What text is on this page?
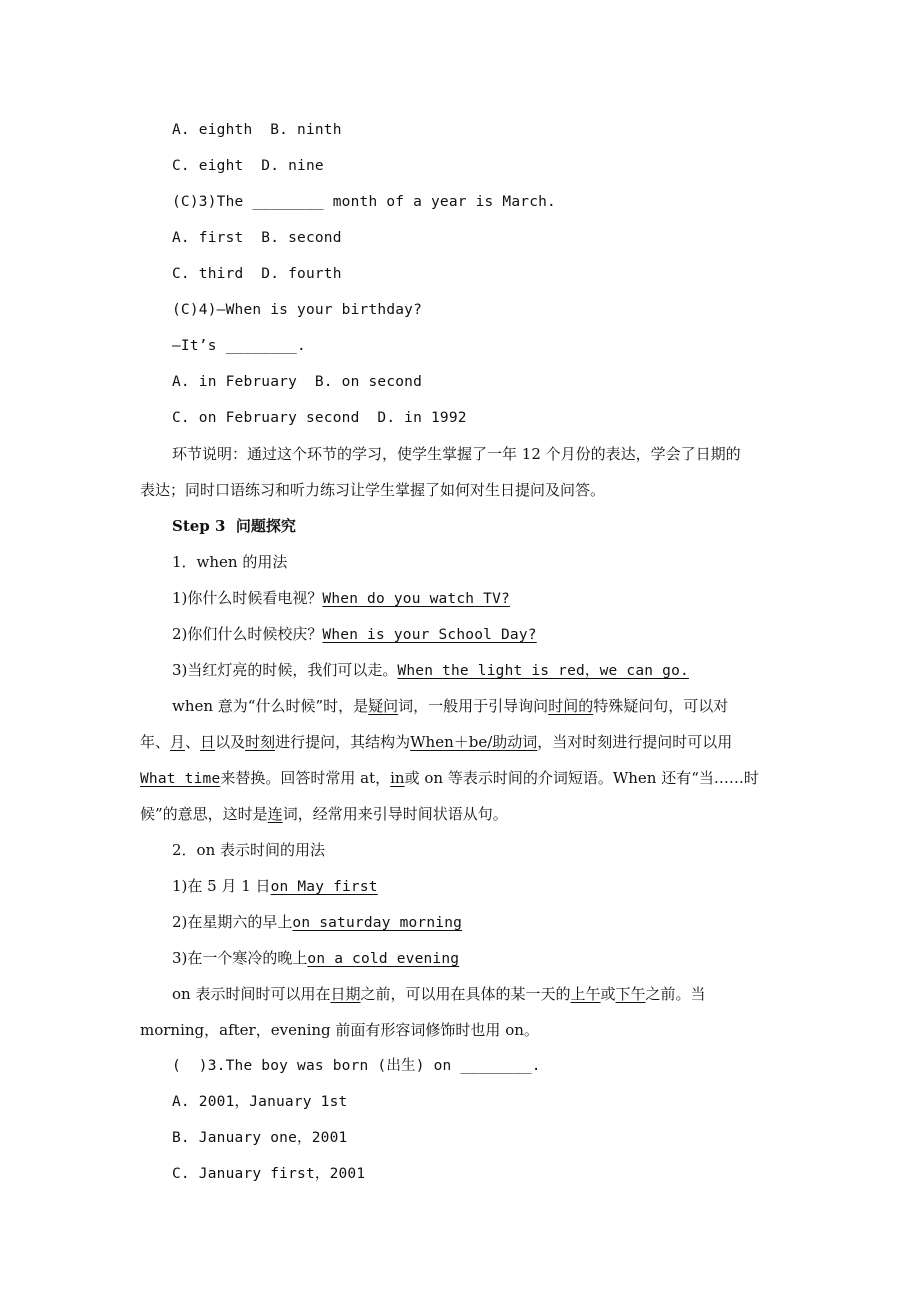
A. eighth  B. ninth
C. eight  D. nine
(C)3)The ________ month of a year is March.
A. first  B. second
C. third  D. fourth
(C)4)—When is your birthday?
—It’s ________.
A. in February  B. on second
C. on February second  D. in 1992
环节说明：通过这个环节的学习，使学生掌握了一年 12 个月份的表达，学会了日期的
表达；同时口语练习和听力练习让学生掌握了如何对生日提问及问答。
Step 3  问题探究
1．when 的用法
1)你什么时候看电视？When do you watch TV?
2)你们什么时候校庆？When is your School Day?
3)当红灯亮的时候，我们可以走。When the light is red，we can go.
when 意为“什么时候”时，是疑问词，一般用于引导询问时间的特殊疑问句，可以对
年、月、日以及时刻进行提问，其结构为When＋be/助动词，当对时刻进行提问时可以用
What time来替换。回答时常用 at，in或 on 等表示时间的介词短语。When 还有“当……时
候”的意思，这时是连词，经常用来引导时间状语从句。
2．on 表示时间的用法
1)在 5 月 1 日on May first
2)在星期六的早上on saturday morning
3)在一个寒冷的晚上on a cold evening
on 表示时间时可以用在日期之前，可以用在具体的某一天的上午或下午之前。当
morning，after，evening 前面有形容词修饰时也用 on。
(  )3.The boy was born (出生) on ________.
A. 2001，January 1st
B. January one，2001
C. January first，2001
